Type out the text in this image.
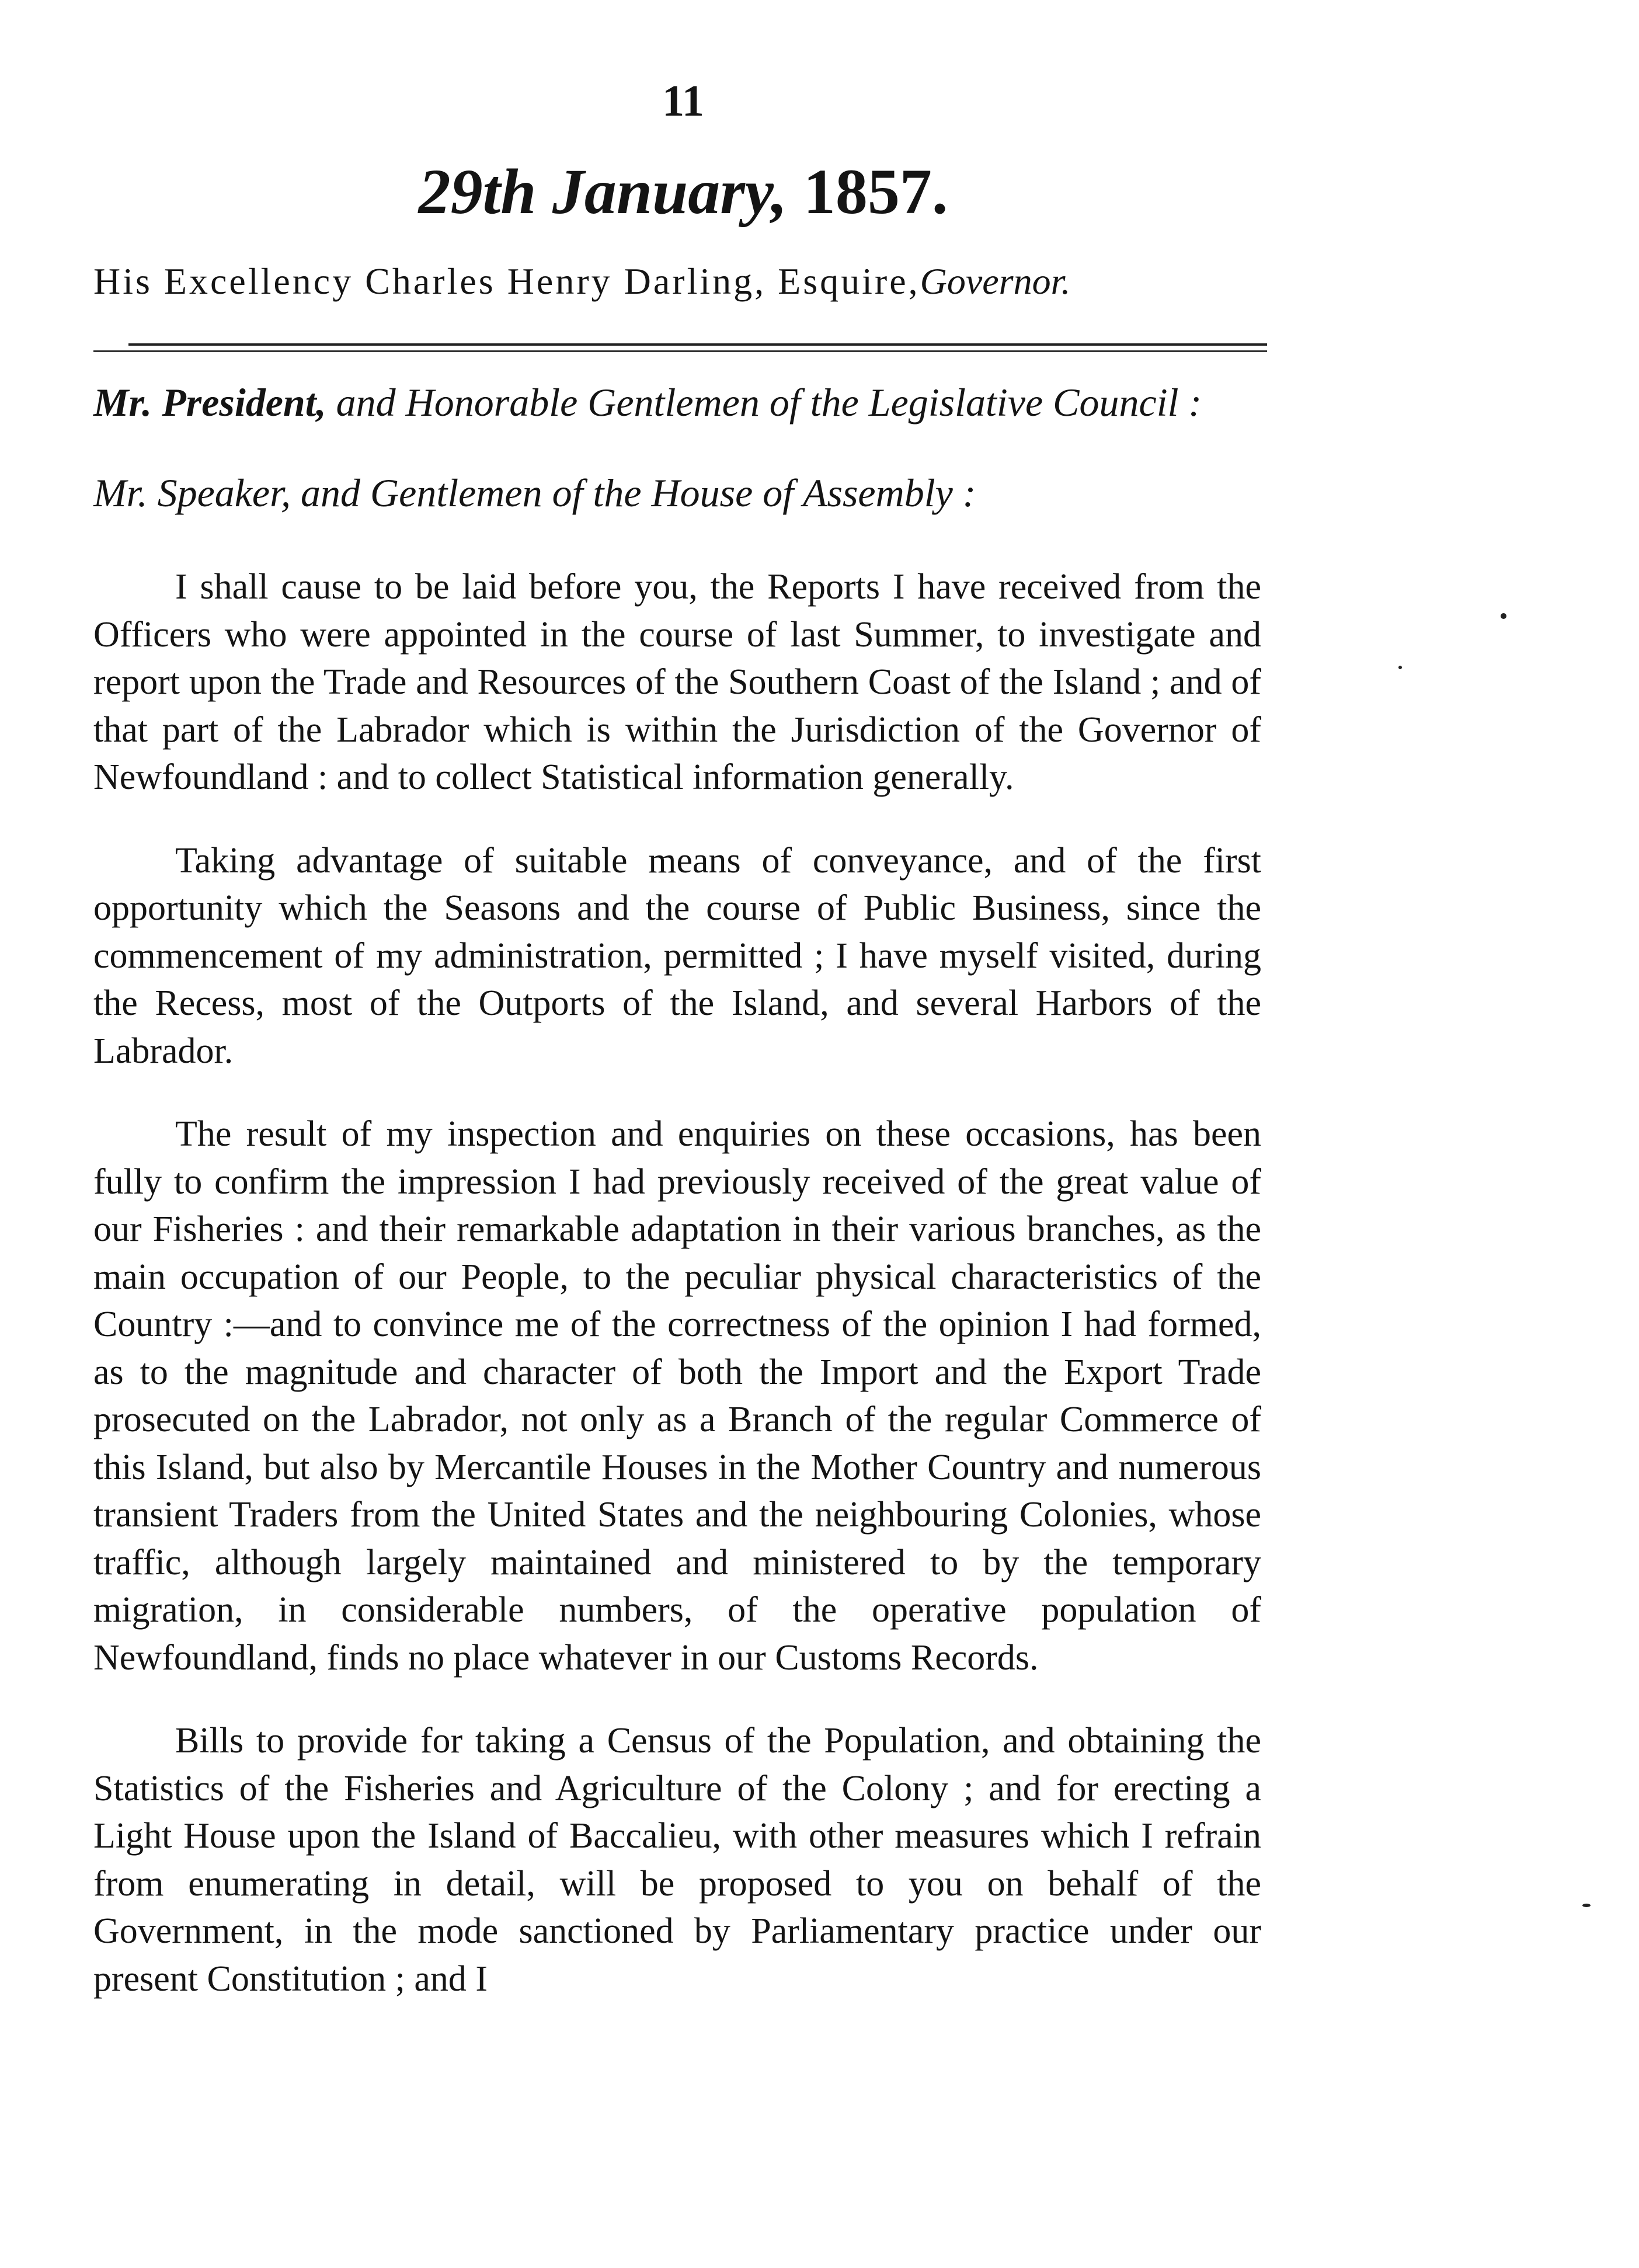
11
29th January, 1857.
His Excellency Charles Henry Darling, Esquire,Governor.
Mr. President, and Honorable Gentlemen of the Legislative Council :
Mr. Speaker, and Gentlemen of the House of Assembly :

I shall cause to be laid before you, the Reports I have received from the Officers who were appointed in the course of last Summer, to investigate and report upon the Trade and Resources of the Southern Coast of the Island ; and of that part of the Labrador which is within the Jurisdiction of the Governor of Newfoundland : and to collect Statistical information generally.

Taking advantage of suitable means of conveyance, and of the first opportunity which the Seasons and the course of Public Business, since the commencement of my administration, permitted ; I have myself visited, during the Recess, most of the Outports of the Island, and several Harbors of the Labrador.

The result of my inspection and enquiries on these occasions, has been fully to confirm the impression I had previously received of the great value of our Fisheries : and their remarkable adaptation in their various branches, as the main occupation of our People, to the peculiar physical characteristics of the Country :—and to convince me of the correctness of the opinion I had formed, as to the magnitude and character of both the Import and the Export Trade prosecuted on the Labrador, not only as a Branch of the regular Commerce of this Island, but also by Mercantile Houses in the Mother Country and numerous transient Traders from the United States and the neighbouring Colonies, whose traffic, although largely maintained and ministered to by the temporary migration, in considerable numbers, of the operative population of Newfoundland, finds no place whatever in our Customs Records.

Bills to provide for taking a Census of the Population, and obtaining the Statistics of the Fisheries and Agriculture of the Colony ; and for erecting a Light House upon the Island of Baccalieu, with other measures which I refrain from enumerating in detail, will be proposed to you on behalf of the Government, in the mode sanctioned by Parliamentary practice under our present Constitution ; and I
